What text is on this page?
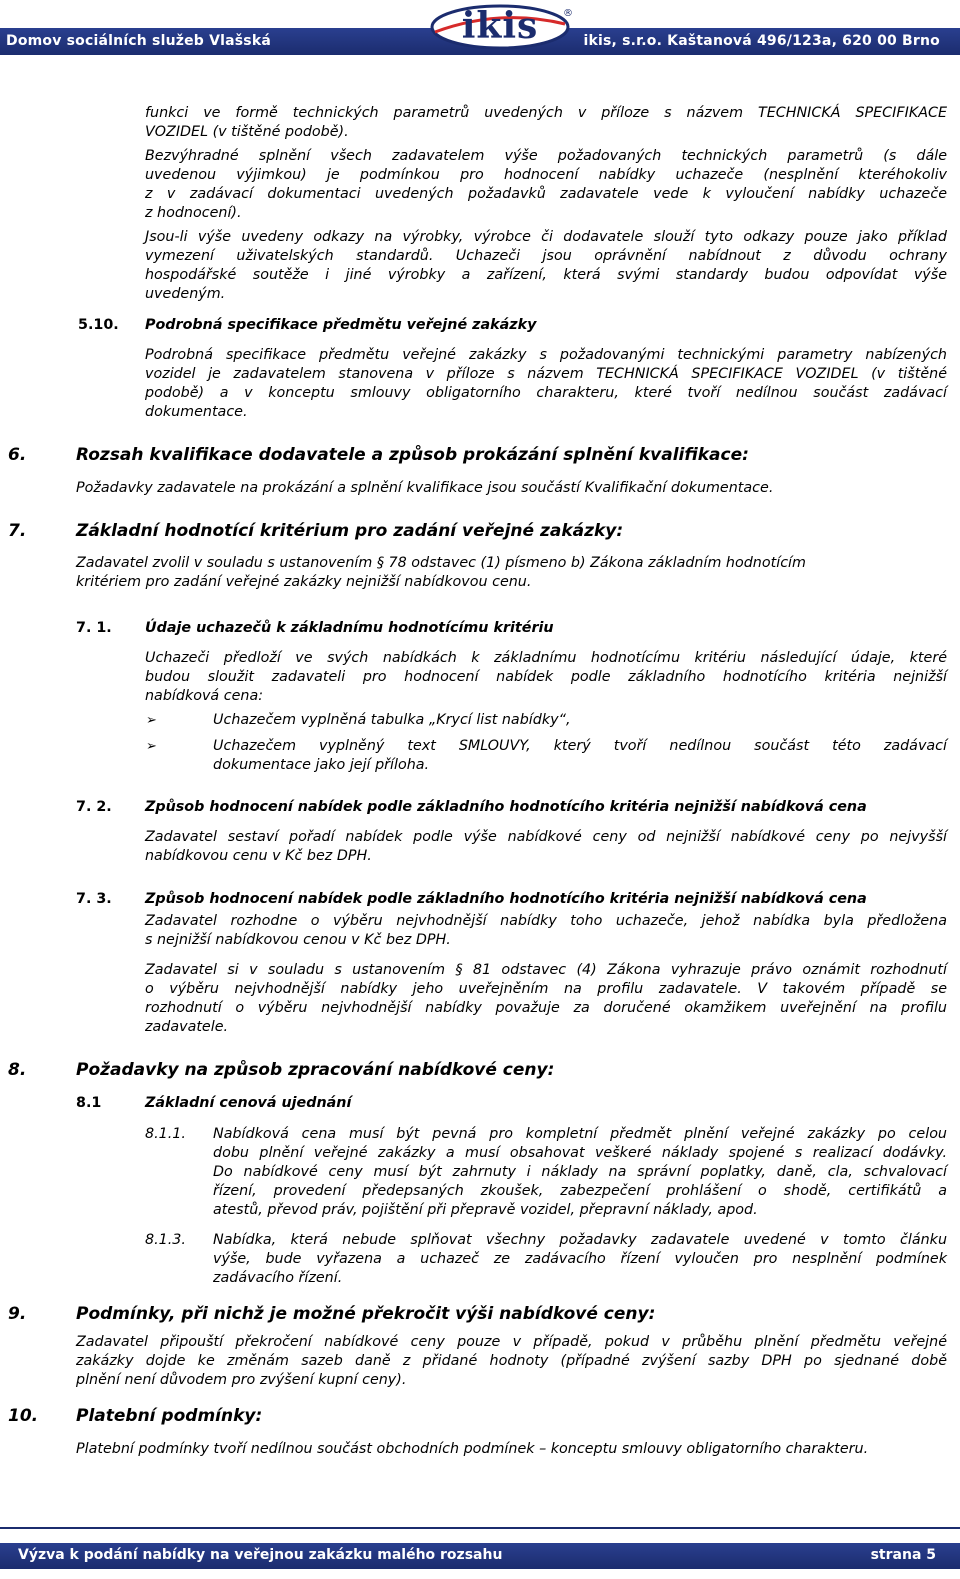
Domov sociálních služeb Vlašská	ikis	®
ikis, s.r.o. Kaštanová 496/123a, 620 00 Brno
funkci ve formě technických parametrů uvedených v příloze s názvem TECHNICKÁ SPECIFIKACE
VOZIDEL (v tištěné podobě).
Bezvýhradné splnění všech zadavatelem výše požadovaných technických parametrů (s dále
uvedenou výjimkou) je podmínkou pro hodnocení nabídky uchazeče (nesplnění kteréhokoliv
z v zadávací dokumentaci uvedených požadavků zadavatele vede k vyloučení nabídky uchazeče
z hodnocení).
Jsou-li výše uvedeny odkazy na výrobky, výrobce či dodavatele slouží tyto odkazy pouze jako příklad
vymezení uživatelských standardů. Uchazeči jsou oprávnění nabídnout z důvodu ochrany
hospodářské soutěže i jiné výrobky a zařízení, která svými standardy budou odpovídat výše
uvedeným.
5.10. Podrobná specifikace předmětu veřejné zakázky
Podrobná specifikace předmětu veřejné zakázky s požadovanými technickými parametry nabízených
vozidel je zadavatelem stanovena v příloze s názvem TECHNICKÁ SPECIFIKACE VOZIDEL (v tištěné
podobě) a v konceptu smlouvy obligatorního charakteru, které tvoří nedílnou součást zadávací
dokumentace.
6.	Rozsah kvalifikace dodavatele a způsob prokázání splnění kvalifikace:
Požadavky zadavatele na prokázání a splnění kvalifikace jsou součástí Kvalifikační dokumentace.
7.	Základní hodnotící kritérium pro zadání veřejné zakázky:
Zadavatel zvolil v souladu s ustanovením § 78 odstavec (1) písmeno b) Zákona základním hodnotícím
kritériem pro zadání veřejné zakázky nejnižší nabídkovou cenu.
7. 1. Údaje uchazečů k základnímu hodnotícímu kritériu
Uchazeči předloží ve svých nabídkách k základnímu hodnotícímu kritériu následující údaje, které
budou sloužit zadavateli pro hodnocení nabídek podle základního hodnotícího kritéria nejnižší
nabídková cena:
➢	Uchazečem vyplněná tabulka „Krycí list nabídky“,
➢	Uchazečem vyplněný text SMLOUVY, který tvoří nedílnou součást této zadávací
dokumentace jako její příloha.
7. 2. Způsob hodnocení nabídek podle základního hodnotícího kritéria nejnižší nabídková cena
Zadavatel sestaví pořadí nabídek podle výše nabídkové ceny od nejnižší nabídkové ceny po nejvyšší
nabídkovou cenu v Kč bez DPH.
7. 3. Způsob hodnocení nabídek podle základního hodnotícího kritéria nejnižší nabídková cena
Zadavatel rozhodne o výběru nejvhodnější nabídky toho uchazeče, jehož nabídka byla předložena
s nejnižší nabídkovou cenou v Kč bez DPH.
Zadavatel si v souladu s ustanovením § 81 odstavec (4) Zákona vyhrazuje právo oznámit rozhodnutí
o výběru nejvhodnější nabídky jeho uveřejněním na profilu zadavatele. V takovém případě se
rozhodnutí o výběru nejvhodnější nabídky považuje za doručené okamžikem uveřejnění na profilu
zadavatele.
8.	Požadavky na způsob zpracování nabídkové ceny:
8.1	Základní cenová ujednání
8.1.1. Nabídková cena musí být pevná pro kompletní předmět plnění veřejné zakázky po celou
dobu plnění veřejné zakázky a musí obsahovat veškeré náklady spojené s realizací dodávky.
Do nabídkové ceny musí být zahrnuty i náklady na správní poplatky, daně, cla, schvalovací
řízení, provedení předepsaných zkoušek, zabezpečení prohlášení o shodě, certifikátů a
atestů, převod práv, pojištění při přepravě vozidel, přepravní náklady, apod.
8.1.3. Nabídka, která nebude splňovat všechny požadavky zadavatele uvedené v tomto článku
výše, bude vyřazena a uchazeč ze zadávacího řízení vyloučen pro nesplnění podmínek
zadávacího řízení.
9.	Podmínky, při nichž je možné překročit výši nabídkové ceny:
Zadavatel připouští překročení nabídkové ceny pouze v případě, pokud v průběhu plnění předmětu veřejné
zakázky dojde ke změnám sazeb daně z přidané hodnoty (případné zvýšení sazby DPH po sjednané době
plnění není důvodem pro zvýšení kupní ceny).
10. Platební podmínky:
Platební podmínky tvoří nedílnou součást obchodních podmínek – konceptu smlouvy obligatorního charakteru.
Výzva k podání nabídky na veřejnou zakázku malého rozsahu	strana 5
